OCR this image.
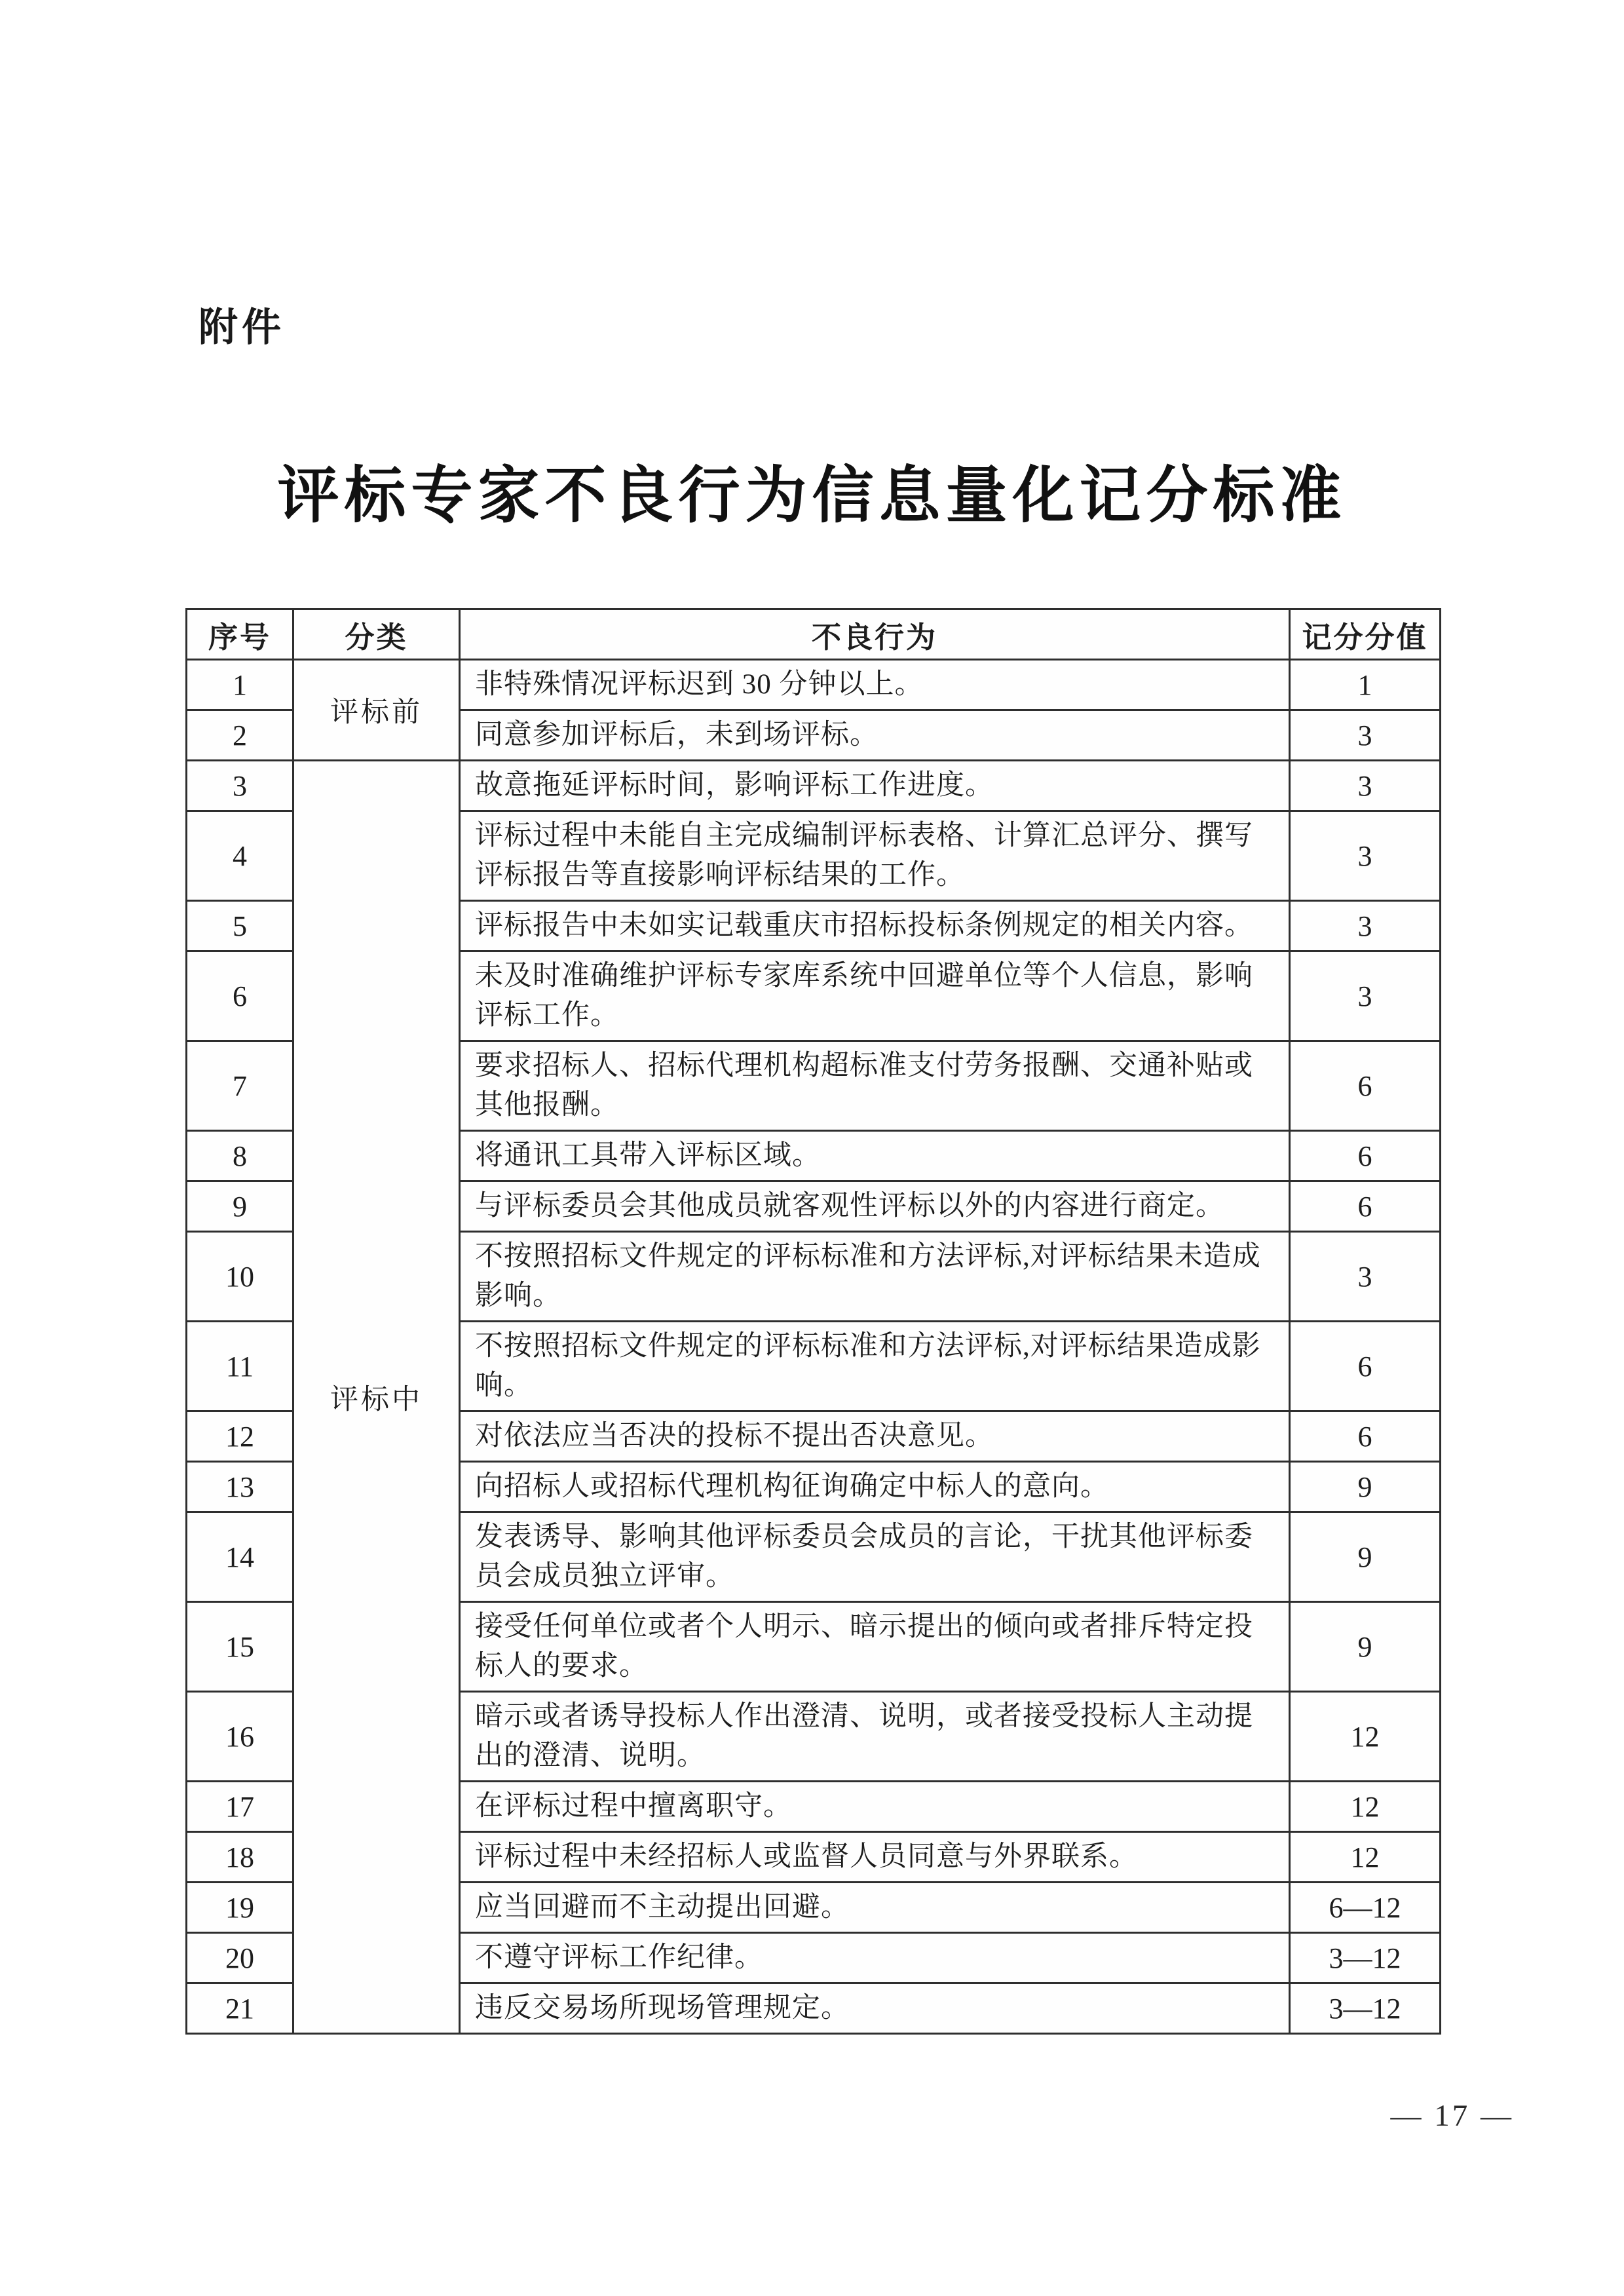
附件
评标专家不良行为信息量化记分标准
序号	分类	不良行为	记分分值
1	评标前	非特殊情况评标迟到 30 分钟以上。	1
2		同意参加评标后，未到场评标。	3
3	评标中	故意拖延评标时间，影响评标工作进度。	3
4		评标过程中未能自主完成编制评标表格、计算汇总评分、撰写评标报告等直接影响评标结果的工作。	3
5		评标报告中未如实记载重庆市招标投标条例规定的相关内容。	3
6		未及时准确维护评标专家库系统中回避单位等个人信息，影响评标工作。	3
7		要求招标人、招标代理机构超标准支付劳务报酬、交通补贴或其他报酬。	6
8		将通讯工具带入评标区域。	6
9		与评标委员会其他成员就客观性评标以外的内容进行商定。	6
10		不按照招标文件规定的评标标准和方法评标,对评标结果未造成影响。	3
11		不按照招标文件规定的评标标准和方法评标,对评标结果造成影响。	6
12		对依法应当否决的投标不提出否决意见。	6
13		向招标人或招标代理机构征询确定中标人的意向。	9
14		发表诱导、影响其他评标委员会成员的言论，干扰其他评标委员会成员独立评审。	9
15		接受任何单位或者个人明示、暗示提出的倾向或者排斥特定投标人的要求。	9
16		暗示或者诱导投标人作出澄清、说明，或者接受投标人主动提出的澄清、说明。	12
17		在评标过程中擅离职守。	12
18		评标过程中未经招标人或监督人员同意与外界联系。	12
19		应当回避而不主动提出回避。	6—12
20		不遵守评标工作纪律。	3—12
21		违反交易场所现场管理规定。	3—12
— 17 —
